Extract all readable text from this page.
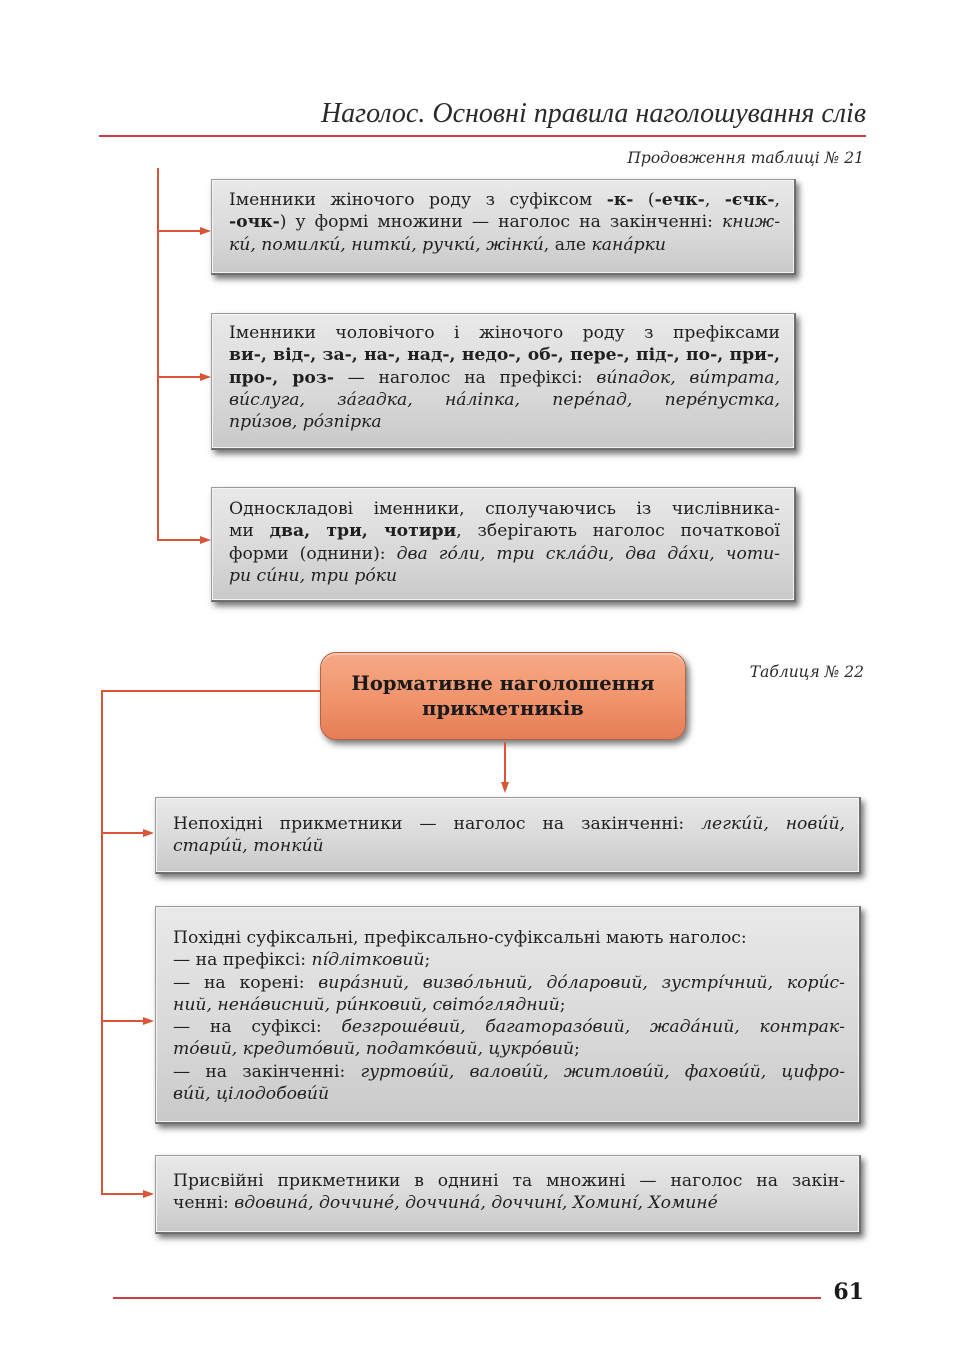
Наголос. Основні правила наголошування слів
Продовження таблиці № 21
Іменники жіночого роду з суфіксом -к- (-ечк-, -єчк-,
-очк-) у формі множини — наголос на закінченні: книж-
кú, помилкú, ниткú, ручкú, жінкú, але канáрки
Іменники чоловічого і жіночого роду з префіксами
ви-, від-, за-, на-, над-, недо-, об-, пере-, під-, по-, при-,
про-, роз- — наголос на префіксі: вúпадок, вúтрата,
вúслуга, зáгадка, нáліпка, перéпад, перéпустка,
прúзов, рóзпірка
Односкладові іменники, сполучаючись із числівника-
ми два, три, чотири, зберігають наголос початкової
форми (однини): два гóли, три склáди, два дáхи, чоти-
ри сúни, три рóки
Таблиця № 22
Нормативне наголошення
прикметників
Непохідні прикметники — наголос на закінченні: легкúй, новúй,
старúй, тонкúй
Похідні суфіксальні, префіксально-суфіксальні мають наголос:
— на префіксі: пíдлітковий;
— на корені: вирáзний, визвóльний, дóларовий, зустрíчний, корúс-
ний, ненáвисний, рúнковий, світóглядний;
— на суфіксі: безгрошéвий, багаторазóвий, жадáний, контрак-
тóвий, кредитóвий, податкóвий, цукрóвий;
— на закінченні: гуртовúй, валовúй, житловúй, фаховúй, цифро-
вúй, цілодобовúй
Присвійні прикметники в однині та множині — наголос на закін-
ченні: вдовинá, доччинé, доччинá, доччинí, Хоминí, Хоминé
61
